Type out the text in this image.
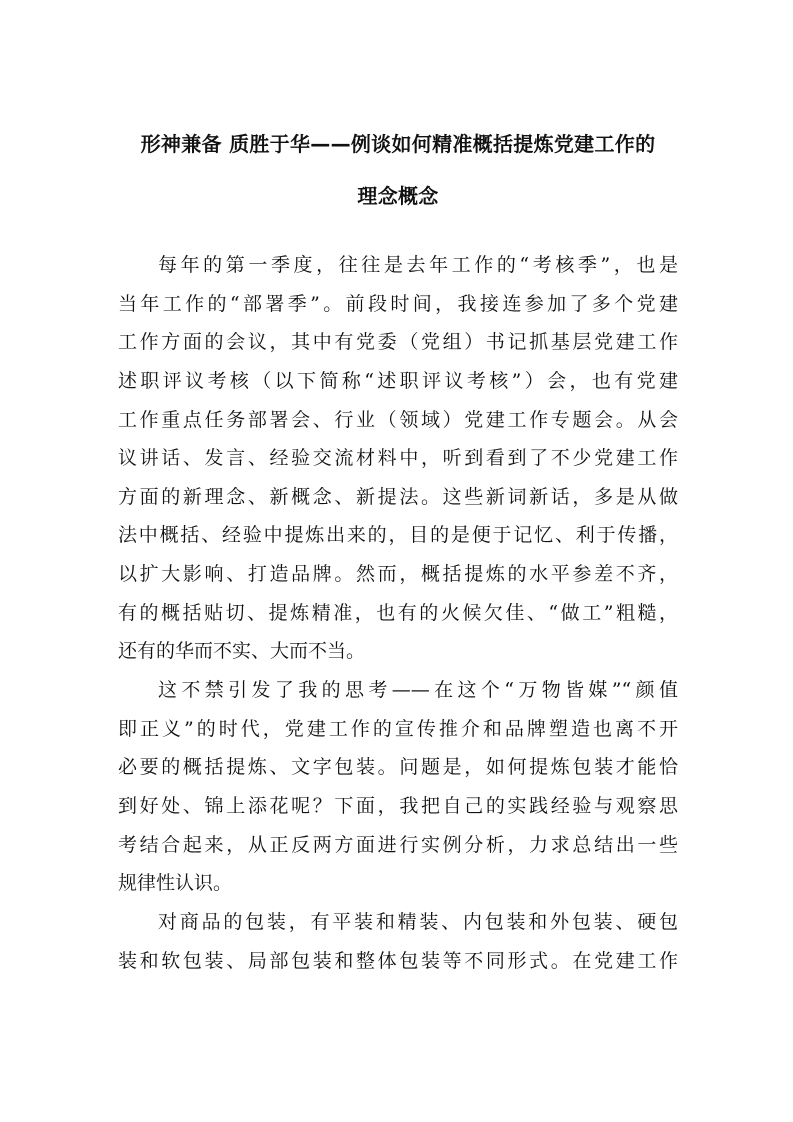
形神兼备 质胜于华——例谈如何精准概括提炼党建工作的
理念概念
每年的第一季度，往往是去年工作的“考核季”，也是
当年工作的“部署季”。前段时间，我接连参加了多个党建
工作方面的会议，其中有党委（党组）书记抓基层党建工作
述职评议考核（以下简称“述职评议考核”）会，也有党建
工作重点任务部署会、行业（领域）党建工作专题会。从会
议讲话、发言、经验交流材料中，听到看到了不少党建工作
方面的新理念、新概念、新提法。这些新词新话，多是从做
法中概括、经验中提炼出来的，目的是便于记忆、利于传播，
以扩大影响、打造品牌。然而，概括提炼的水平参差不齐，
有的概括贴切、提炼精准，也有的火候欠佳、“做工”粗糙，
还有的华而不实、大而不当。
这不禁引发了我的思考——在这个“万物皆媒”“颜值
即正义”的时代，党建工作的宣传推介和品牌塑造也离不开
必要的概括提炼、文字包装。问题是，如何提炼包装才能恰
到好处、锦上添花呢？下面，我把自己的实践经验与观察思
考结合起来，从正反两方面进行实例分析，力求总结出一些
规律性认识。
对商品的包装，有平装和精装、内包装和外包装、硬包
装和软包装、局部包装和整体包装等不同形式。在党建工作
